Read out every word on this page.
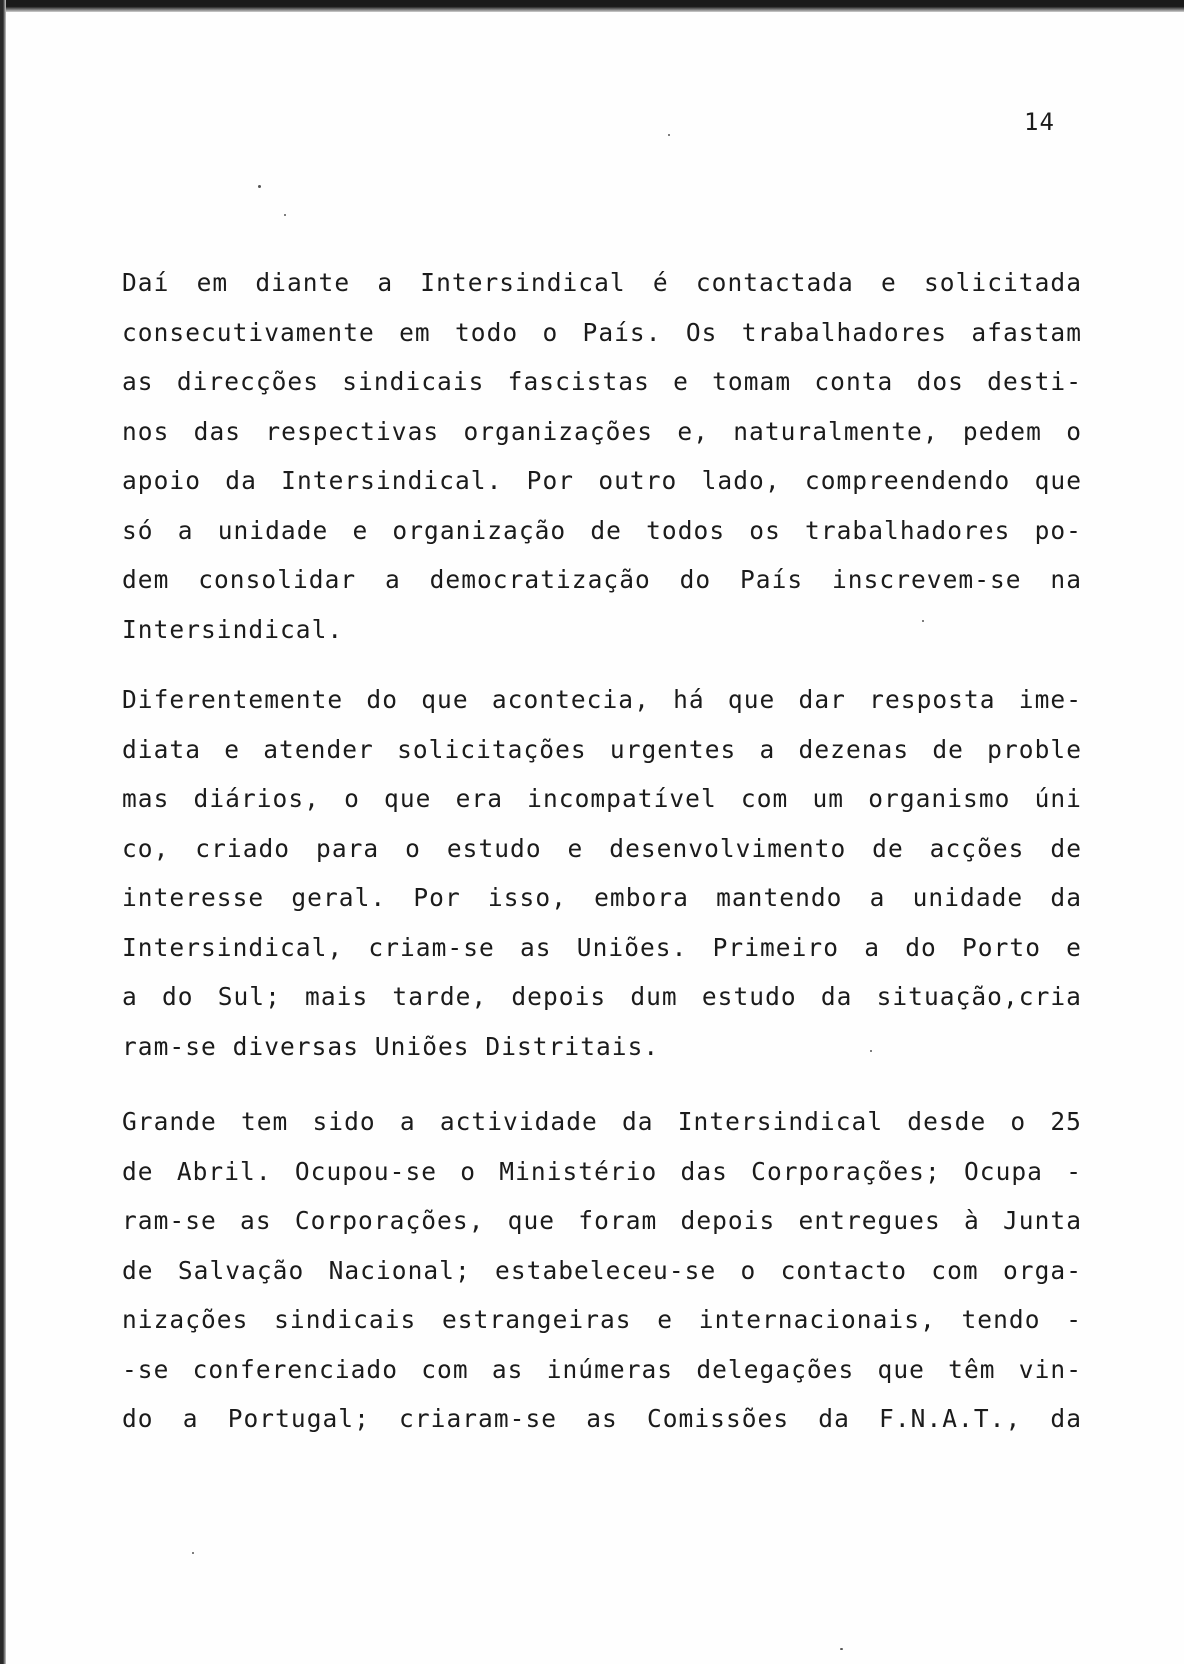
14
Daí em diante a Intersindical é contactada e solicitada
consecutivamente em todo o País. Os trabalhadores afastam
as direcções sindicais fascistas e tomam conta dos desti-
nos das respectivas organizações e, naturalmente, pedem o
apoio da Intersindical. Por outro lado, compreendendo que
só a unidade e organização de todos os trabalhadores po-
dem consolidar a democratização do País inscrevem-se na
Intersindical.
Diferentemente do que acontecia, há que dar resposta ime-
diata e atender solicitações urgentes a dezenas de proble
mas diários, o que era incompatível com um organismo úni
co, criado para o estudo e desenvolvimento de acções de
interesse geral. Por isso, embora mantendo a unidade da
Intersindical, criam-se as Uniões. Primeiro a do Porto e
a do Sul; mais tarde, depois dum estudo da situação,cria
ram-se diversas Uniões Distritais.
Grande tem sido a actividade da Intersindical desde o 25
de Abril. Ocupou-se o Ministério das Corporações; Ocupa -
ram-se as Corporações, que foram depois entregues à Junta
de Salvação Nacional; estabeleceu-se o contacto com orga-
nizações sindicais estrangeiras e internacionais, tendo -
-se conferenciado com as inúmeras delegações que têm vin-
do a Portugal; criaram-se as Comissões da F.N.A.T., da
